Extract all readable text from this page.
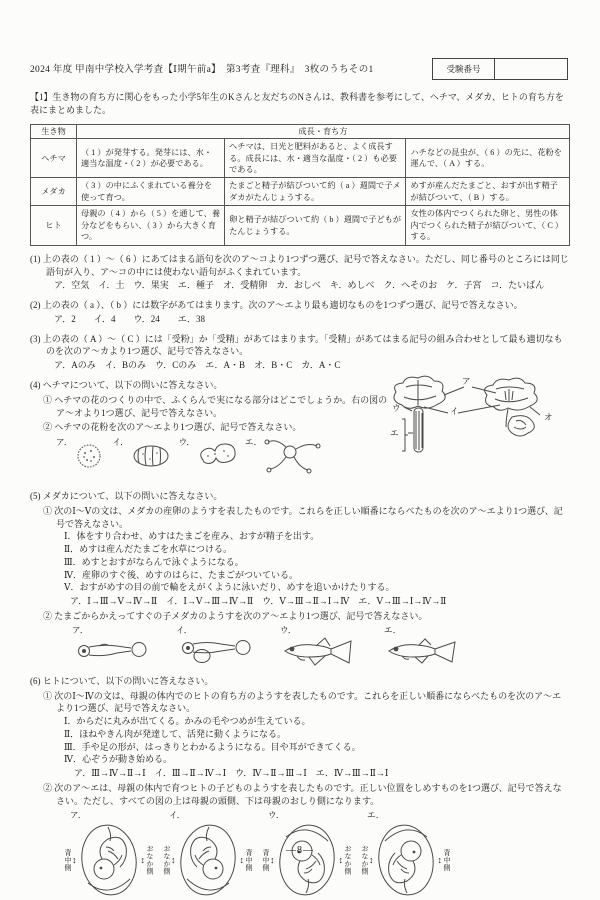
2024 年度 甲南中学校入学考査【Ⅰ期午前a】　第3考査『理科』　3枚のうちその1	受験番号
【1】生き物の育ち方に関心をもった小学5年生のKさんと友だちのNさんは、教科書を参考にして、ヘチマ、メダカ、ヒトの育ち方を表にまとめました。
生き物	成長・育ち方		
ヘチマ	（ 1 ）が発芽する。発芽には、水・適当な温度・（ 2 ）が必要である。	ヘチマは、日光と肥料があると、よく成長する。成長には、水・適当な温度・（ 2 ）も必要である。	ハチなどの昆虫が、（ 6 ）の先に、花粉を運んで、（ A ）する。
メダカ	（ 3 ）の中にふくまれている養分を使って育つ。	たまごと精子が結びついて約（ a ）週間で子メダカがたんじょうする。	めすが産んだたまごと、おすが出す精子が結びついて、（ B ）する。
ヒト	母親の（ 4 ）から（ 5 ）を通して、養分などをもらい、（ 3 ）から大きく育つ。	卵と精子が結びついて約（ b ）週間で子どもがたんじょうする。	女性の体内でつくられた卵と、男性の体内でつくられた精子が結びついて、（ C ）する。
(1) 上の表の（ 1 ）～（ 6 ）にあてはまる語句を次のア～コより1つずつ選び、記号で答えなさい。ただし、同じ番号のところには同じ語句が入り、ア～コの中には使わない語句がふくまれています。
ア．空気　イ．土　ウ．果実　エ．種子　オ．受精卵　カ．おしべ　キ．めしべ　ク．へそのお　ケ．子宮　コ．たいばん
(2) 上の表の（ a ）、（ b ）には数字があてはまります。次のア～エより最も適切なものを1つずつ選び、記号で答えなさい。
ア．2　　イ．4　　ウ．24　　エ．38
(3) 上の表の（ A ）～（ C ）には「受粉」か「受精」があてはまります。「受精」があてはまる記号の組み合わせとして最も適切なものを次のア～カより1つ選び、記号で答えなさい。
ア．Aのみ　イ．Bのみ　ウ．Cのみ　エ．A・B　オ．B・C　カ．A・C
(4) ヘチマについて、以下の問いに答えなさい。
① ヘチマの花のつくりの中で、ふくらんで実になる部分はどこでしょうか。右の図のア～オより1つ選び、記号で答えなさい。
② ヘチマの花粉を次のア～エより1つ選び、記号で答えなさい。
ア．	イ．	ウ．	エ．
ア
イ
ウ
エ
オ
(5) メダカについて、以下の問いに答えなさい。
① 次のⅠ～Ⅴの文は、メダカの産卵のようすを表したものです。これらを正しい順番にならべたものを次のア～エより1つ選び、記号で答えなさい。
Ⅰ．体をすり合わせ、めすはたまごを産み、おすが精子を出す。
Ⅱ．めすは産んだたまごを水草につける。
Ⅲ．めすとおすがならんで泳ぐようになる。
Ⅳ．産卵のすぐ後、めすのはらに、たまごがついている。
Ⅴ．おすがめすの目の前で輪をえがくように泳いだり、めすを追いかけたりする。
ア．Ⅰ→Ⅲ→Ⅴ→Ⅳ→Ⅱ　イ．Ⅰ→Ⅴ→Ⅲ→Ⅳ→Ⅱ　ウ．Ⅴ→Ⅲ→Ⅱ→Ⅰ→Ⅳ　エ．Ⅴ→Ⅲ→Ⅰ→Ⅳ→Ⅱ
② たまごからかえってすぐの子メダカのようすを次のア～エより1つ選び、記号で答えなさい。
ア．	イ．	ウ．	エ．
(6) ヒトについて、以下の問いに答えなさい。
① 次のⅠ～Ⅳの文は、母親の体内でのヒトの育ち方のようすを表したものです。これらを正しい順番にならべたものを次のア～エより1つ選び、記号で答えなさい。
Ⅰ．からだに丸みが出てくる。かみの毛やつめが生えている。
Ⅱ．ほねやきん肉が発達して、活発に動くようになる。
Ⅲ．手や足の形が、はっきりとわかるようになる。目や耳ができてくる。
Ⅳ．心ぞうが動き始める。
ア．Ⅲ→Ⅳ→Ⅱ→Ⅰ　イ．Ⅲ→Ⅱ→Ⅳ→Ⅰ　ウ．Ⅳ→Ⅱ→Ⅲ→Ⅰ　エ．Ⅳ→Ⅲ→Ⅱ→Ⅰ
② 次のア～エは、母親の体内で育つヒトの子どものようすを表したものです。正しい位置をしめすものを1つ選び、記号で答えなさい。ただし、すべての図の上は母親の頭側、下は母親のおしり側になります。
ア．
背中側 ↕	↕ おなか側
イ．
おなか側 ↕	↕ 背中側
ウ．
背中側 ↕	↕ おなか側
エ．
おなか側 ↕	↕ 背中側
―8―
